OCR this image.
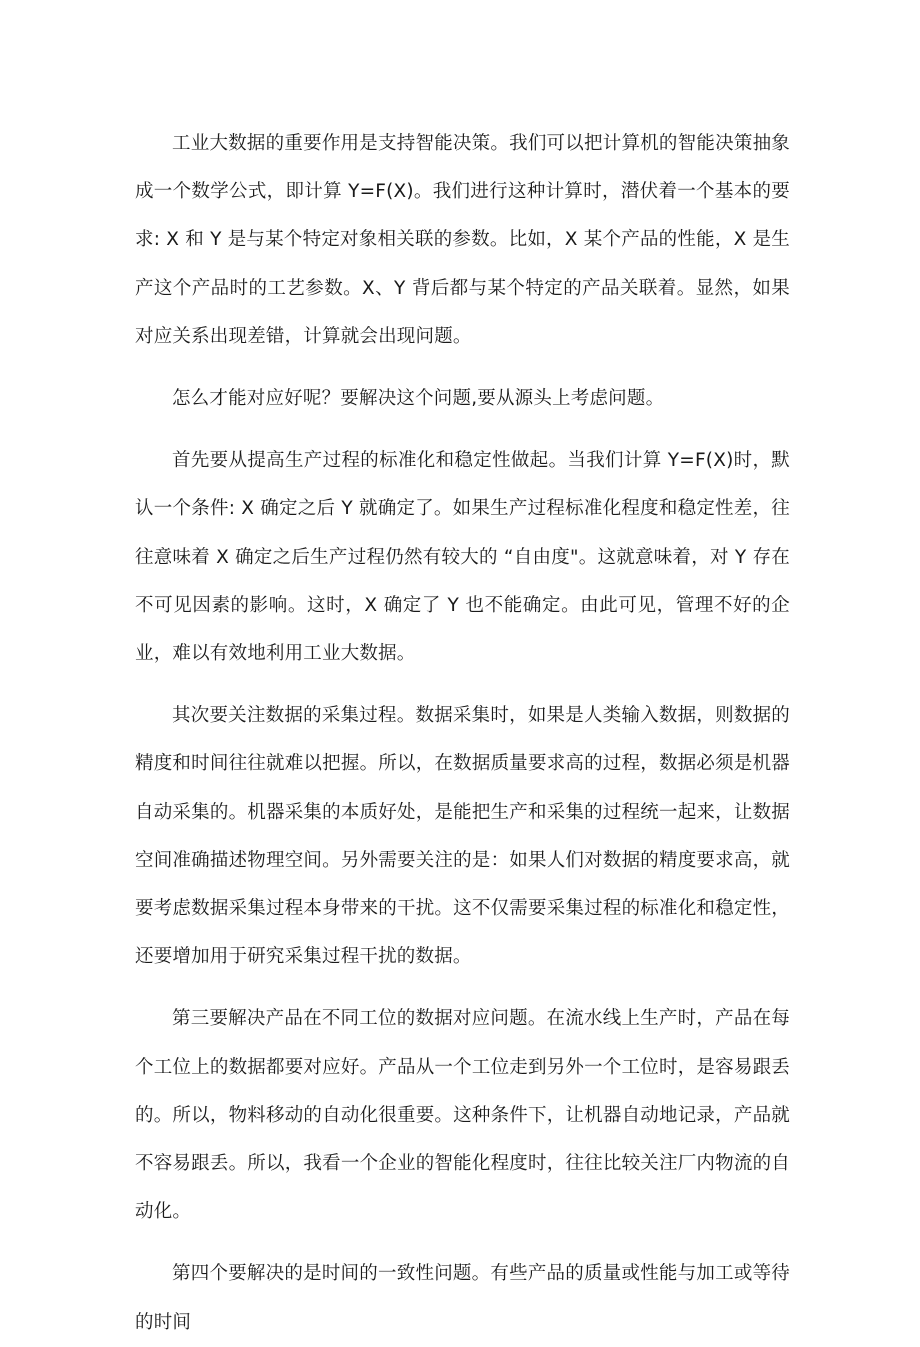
工业大数据的重要作用是支持智能决策。我们可以把计算机的智能决策抽象成一个数学公式，即计算 Y=F(X)。我们进行这种计算时，潜伏着一个基本的要求: X 和 Y 是与某个特定对象相关联的参数。比如，X 某个产品的性能，X 是生产这个产品时的工艺参数。X、Y 背后都与某个特定的产品关联着。显然，如果对应关系出现差错，计算就会出现问题。

怎么才能对应好呢？要解决这个问题,要从源头上考虑问题。

首先要从提高生产过程的标准化和稳定性做起。当我们计算 Y=F(X)时，默认一个条件: X 确定之后 Y 就确定了。如果生产过程标准化程度和稳定性差，往往意味着 X 确定之后生产过程仍然有较大的 “自由度"。这就意味着，对 Y 存在不可见因素的影响。这时，X 确定了 Y 也不能确定。由此可见，管理不好的企业，难以有效地利用工业大数据。

其次要关注数据的采集过程。数据采集时，如果是人类输入数据，则数据的精度和时间往往就难以把握。所以，在数据质量要求高的过程，数据必须是机器自动采集的。机器采集的本质好处，是能把生产和采集的过程统一起来，让数据空间准确描述物理空间。另外需要关注的是：如果人们对数据的精度要求高，就要考虑数据采集过程本身带来的干扰。这不仅需要采集过程的标准化和稳定性，还要增加用于研究采集过程干扰的数据。

第三要解决产品在不同工位的数据对应问题。在流水线上生产时，产品在每个工位上的数据都要对应好。产品从一个工位走到另外一个工位时，是容易跟丢的。所以，物料移动的自动化很重要。这种条件下，让机器自动地记录，产品就不容易跟丢。所以，我看一个企业的智能化程度时，往往比较关注厂内物流的自动化。

第四个要解决的是时间的一致性问题。有些产品的质量或性能与加工或等待的时间
